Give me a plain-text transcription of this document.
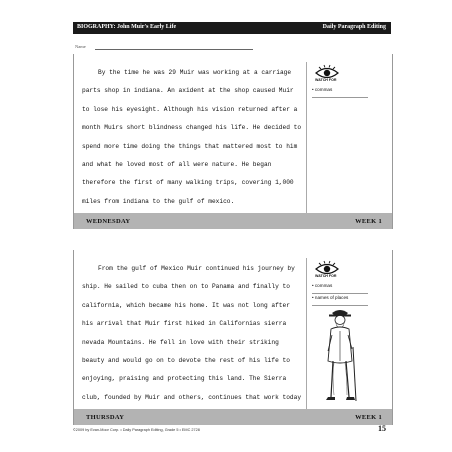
BIOGRAPHY: John Muir's Early Life	Daily Paragraph Editing
Name

By the time he was 29 Muir was working at a carriage parts shop in indiana. An axident at the shop caused Muir to lose his eyesight. Although his vision returned after a month Muirs short blindness changed his life. He decided to spend more time doing the things that mattered most to him and what he loved most of all were nature. He began therefore the first of many walking trips, covering 1,000 miles from indiana to the gulf of mexico.

WATCH FOR
• commas
WEDNESDAY	WEEK 1

From the gulf of Mexico Muir continued his journey by ship. He sailed to cuba then on to Panama and finally to california, which became his home. It was not long after his arrival that Muir first hiked in Californias sierra nevada Mountains. He fell in love with their striking beauty and would go on to devote the rest of his life to enjoying, praising and protecting this land. The Sierra club, founded by Muir and others, continues that work today

WATCH FOR
• commas
• names of places
THURSDAY	WEEK 1
©2009 by Evan-Moor Corp. • Daily Paragraph Editing, Grade 5 • EMC 2728	15
